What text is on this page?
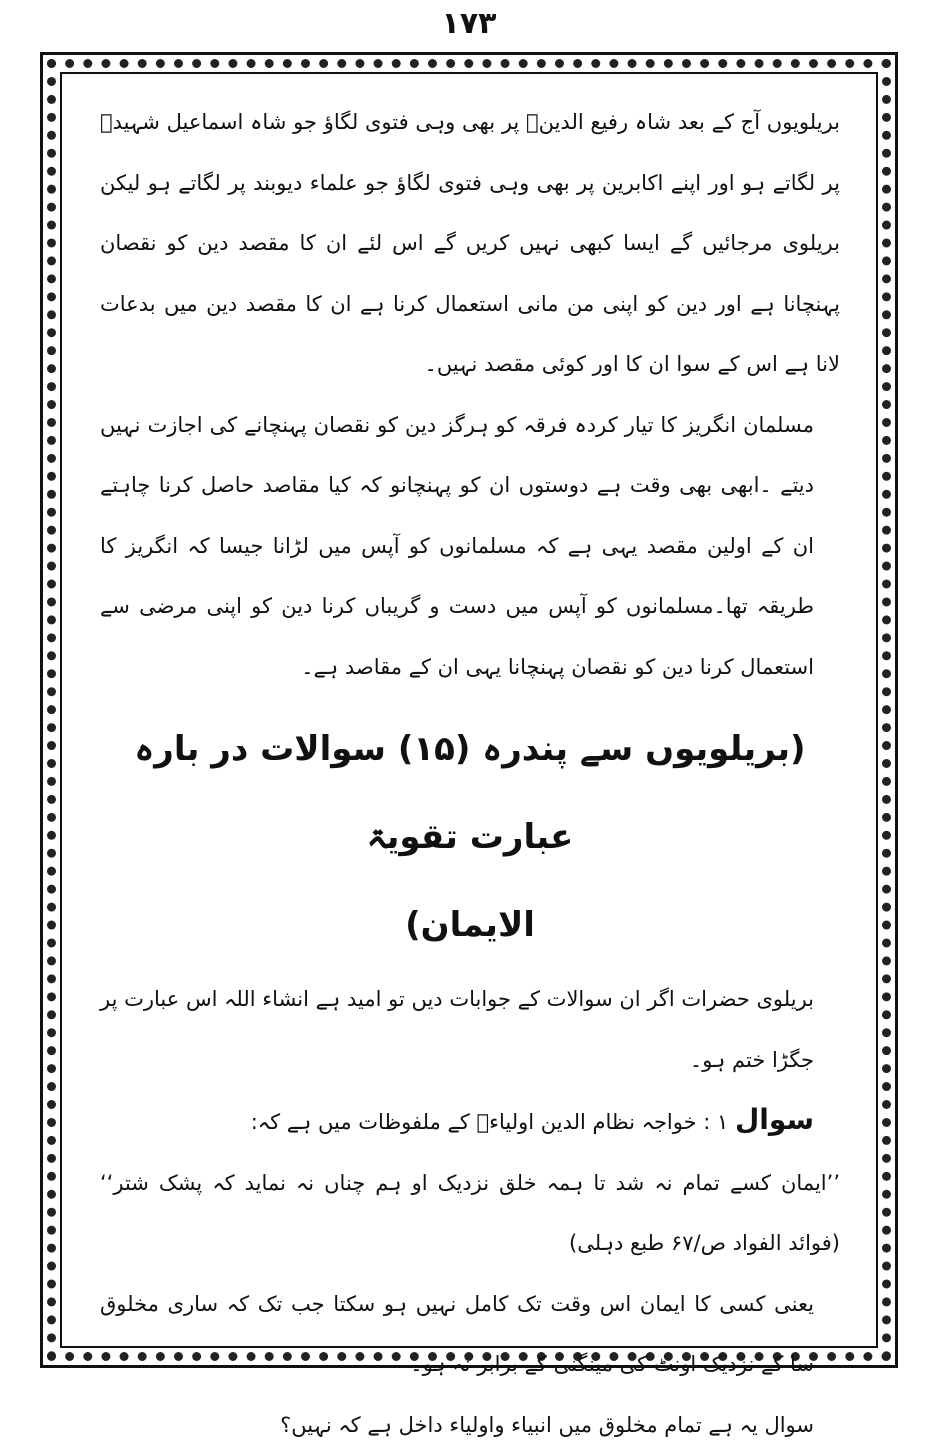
۱۷۳

بریلویوں آج کے بعد شاہ رفیع الدینؒ پر بھی وہی فتوی لگاؤ جو شاہ اسماعیل شہیدؒ پر لگاتے ہو اور اپنے اکابرین پر بھی وہی فتوی لگاؤ جو علماء دیوبند پر لگاتے ہو لیکن بریلوی مرجائیں گے ایسا کبھی نہیں کریں گے اس لئے ان کا مقصد دین کو نقصان پہنچانا ہے اور دین کو اپنی من مانی استعمال کرنا ہے ان کا مقصد دین میں بدعات لانا ہے اس کے سوا ان کا اور کوئی مقصد نہیں۔

مسلمان انگریز کا تیار کردہ فرقہ کو ہرگز دین کو نقصان پہنچانے کی اجازت نہیں دیتے ۔ابھی بھی وقت ہے دوستوں ان کو پہنچانو کہ کیا مقاصد حاصل کرنا چاہتے ان کے اولین مقصد یہی ہے کہ مسلمانوں کو آپس میں لڑانا جیسا کہ انگریز کا طریقہ تھا۔مسلمانوں کو آپس میں دست و گریباں کرنا دین کو اپنی مرضی سے استعمال کرنا دین کو نقصان پہنچانا یہی ان کے مقاصد ہے۔

(بریلویوں سے پندرہ (۱۵) سوالات در بارہ عبارت تقویۃ

الایمان)

بریلوی حضرات اگر ان سوالات کے جوابات دیں تو امید ہے انشاء اللہ اس عبارت پر جگڑا ختم ہو۔

سوال ۱ : خواجہ نظام الدین اولیاءؒ کے ملفوظات میں ہے کہ:

’’ایمان کسے تمام نہ شد تا ہمہ خلق نزدیک او ہم چناں نہ نماید کہ پشک شتر‘‘ (فوائد الفواد ص/۶۷ طبع دہلی)

یعنی کسی کا ایمان اس وقت تک کامل نہیں ہو سکتا جب تک کہ ساری مخلوق سا کے نزدیک اونٹ کی مینگنی کے برابر نہ ہو۔

سوال یہ ہے تمام مخلوق میں انبیاء واولیاء داخل ہے کہ نہیں؟
